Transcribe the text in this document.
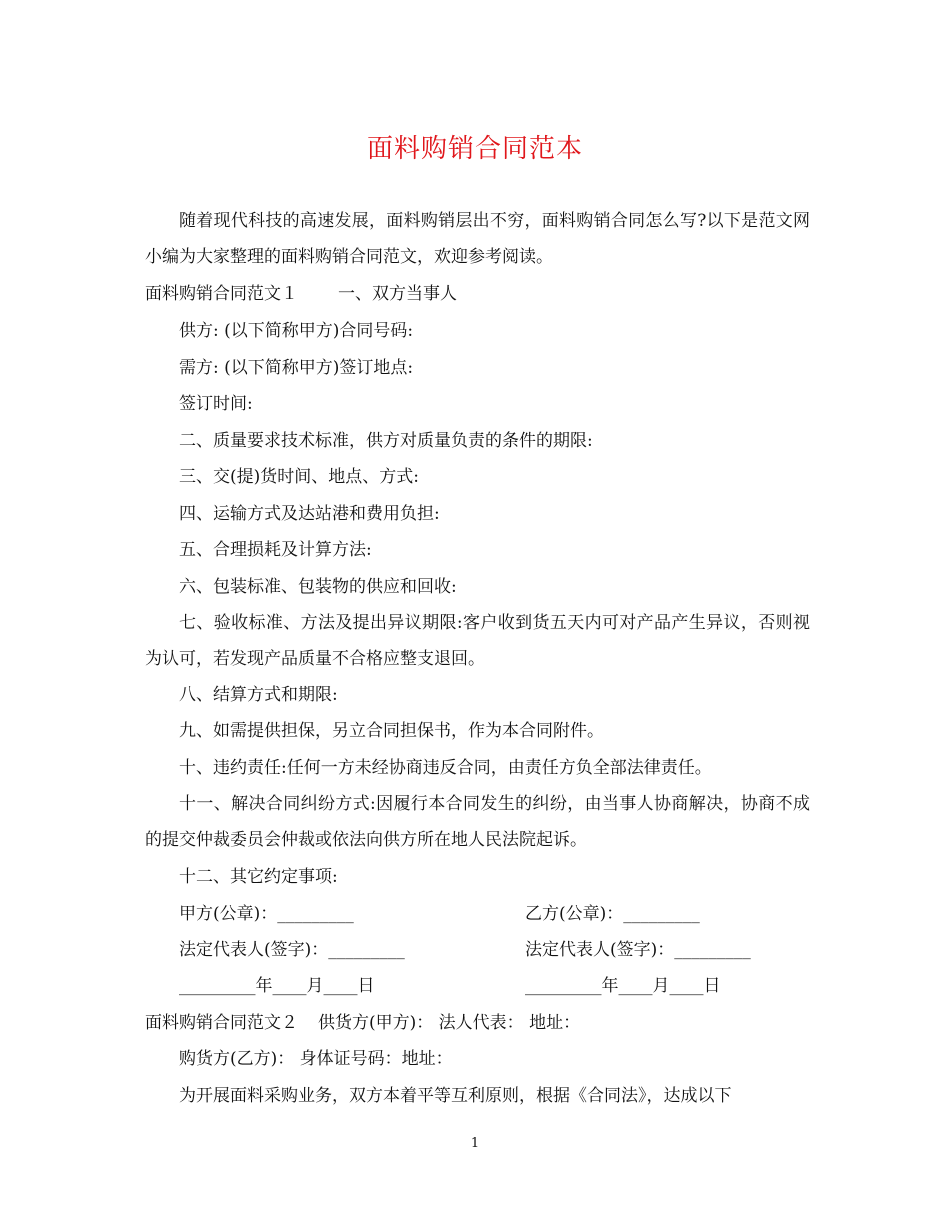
面料购销合同范本
随着现代科技的高速发展，面料购销层出不穷，面料购销合同怎么写?以下是范文网小编为大家整理的面料购销合同范文，欢迎参考阅读。
面料购销合同范文１ 一、双方当事人
供方: (以下简称甲方)合同号码:
需方: (以下简称甲方)签订地点:
签订时间:
二、质量要求技术标准，供方对质量负责的条件的期限:
三、交(提)货时间、地点、方式:
四、运输方式及达站港和费用负担:
五、合理损耗及计算方法:
六、包装标准、包装物的供应和回收:
七、验收标准、方法及提出异议期限:客户收到货五天内可对产品产生异议，否则视为认可，若发现产品质量不合格应整支退回。
八、结算方式和期限:
九、如需提供担保，另立合同担保书，作为本合同附件。
十、违约责任:任何一方未经协商违反合同，由责任方负全部法律责任。
十一、解决合同纠纷方式:因履行本合同发生的纠纷，由当事人协商解决，协商不成的提交仲裁委员会仲裁或依法向供方所在地人民法院起诉。
十二、其它约定事项:
甲方(公章)：_________	乙方(公章)：_________
法定代表人(签字)：_________	法定代表人(签字)：_________
_________年____月____日	_________年____月____日
面料购销合同范文２ 供货方(甲方)： 法人代表： 地址：
购货方(乙方)： 身体证号码：地址：
为开展面料采购业务，双方本着平等互利原则，根据《合同法》，达成以下
1
